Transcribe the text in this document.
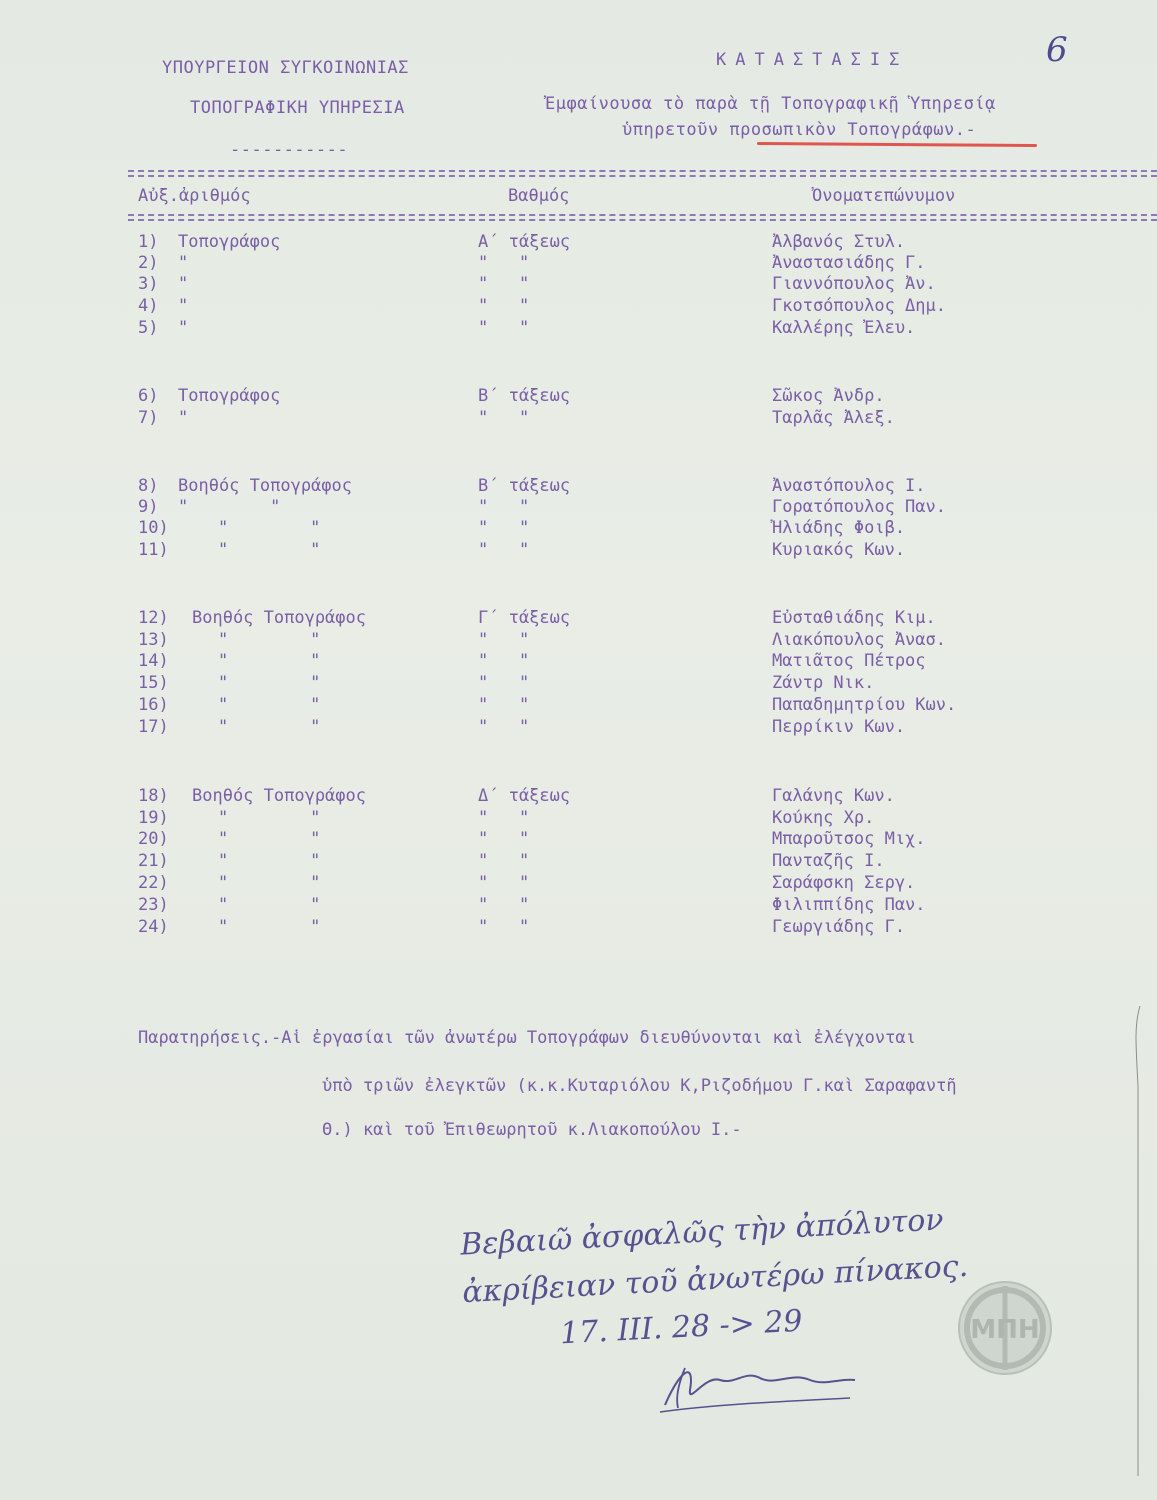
ΥΠΟΥΡΓΕΙΟΝ ΣΥΓΚΟΙΝΩΝΙΑΣ
ΤΟΠΟΓΡΑΦΙΚΗ ΥΠΗΡΕΣΙΑ
-----------
ΚΑΤΑΣΤΑΣΙΣ
Ἐμφαίνουσα τὸ παρὰ τῇ Τοπογραφικῇ Ὑπηρεσίᾳ
ὑπηρετοῦν προσωπικὸν Τοπογράφων.-
6
Αὐξ.ἀριθμός	Βαθμός	Ὀνοματεπώνυμον
1) Τοπογράφος	Α΄ τάξεως	Ἀλβανός Στυλ.
2) "	"   "	Ἀναστασιάδης Γ.
3) "	"   "	Γιαννόπουλος Ἀν.
4) "	"   "	Γκοτσόπουλος Δημ.
5) "	"   "	Καλλέρης Ἐλευ.
6) Τοπογράφος	Β΄ τάξεως	Σῶκος Ἀνδρ.
7) "	"   "	Ταρλᾶς Ἀλεξ.
8) Βοηθός Τοπογράφος	Β΄ τάξεως	Ἀναστόπουλος Ι.
9) "        "	"   "	Γορατόπουλος Παν.
10)	"        "	"   "	Ἠλιάδης Φοιβ.
11)	"        "	"   "	Κυριακός Κων.
12) Βοηθός Τοπογράφος	Γ΄ τάξεως	Εὐσταθιάδης Κιμ.
13)	"        "	"   "	Λιακόπουλος Ἀνασ.
14)	"        "	"   "	Ματιᾶτος Πέτρος
15)	"        "	"   "	Ζάντρ Νικ.
16)	"        "	"   "	Παπαδημητρίου Κων.
17)	"        "	"   "	Περρίκιν Κων.
18) Βοηθός Τοπογράφος	Δ΄ τάξεως	Γαλάνης Κων.
19)	"        "	"   "	Κούκης Χρ.
20)	"        "	"   "	Μπαροῦτσος Μιχ.
21)	"        "	"   "	Πανταζῆς Ι.
22)	"        "	"   "	Σαράφσκη Σεργ.
23)	"        "	"   "	Φιλιππίδης Παν.
24)	"        "	"   "	Γεωργιάδης Γ.
Παρατηρήσεις.-Αἱ ἐργασίαι τῶν ἀνωτέρω Τοπογράφων διευθύνονται καὶ ἐλέγχονται
ὑπὸ τριῶν ἐλεγκτῶν (κ.κ.Κυταριόλου Κ,Ριζοδήμου Γ.καὶ Σαραφαντῆ
Θ.) καὶ τοῦ Ἐπιθεωρητοῦ κ.Λιακοπούλου Ι.-
Βεβαιῶ ἀσφαλῶς τὴν ἀπόλυτον
ἀκρίβειαν τοῦ ἀνωτέρω πίνακος.
17. ΙΙΙ. 28 -> 29	ΜΠΗ
